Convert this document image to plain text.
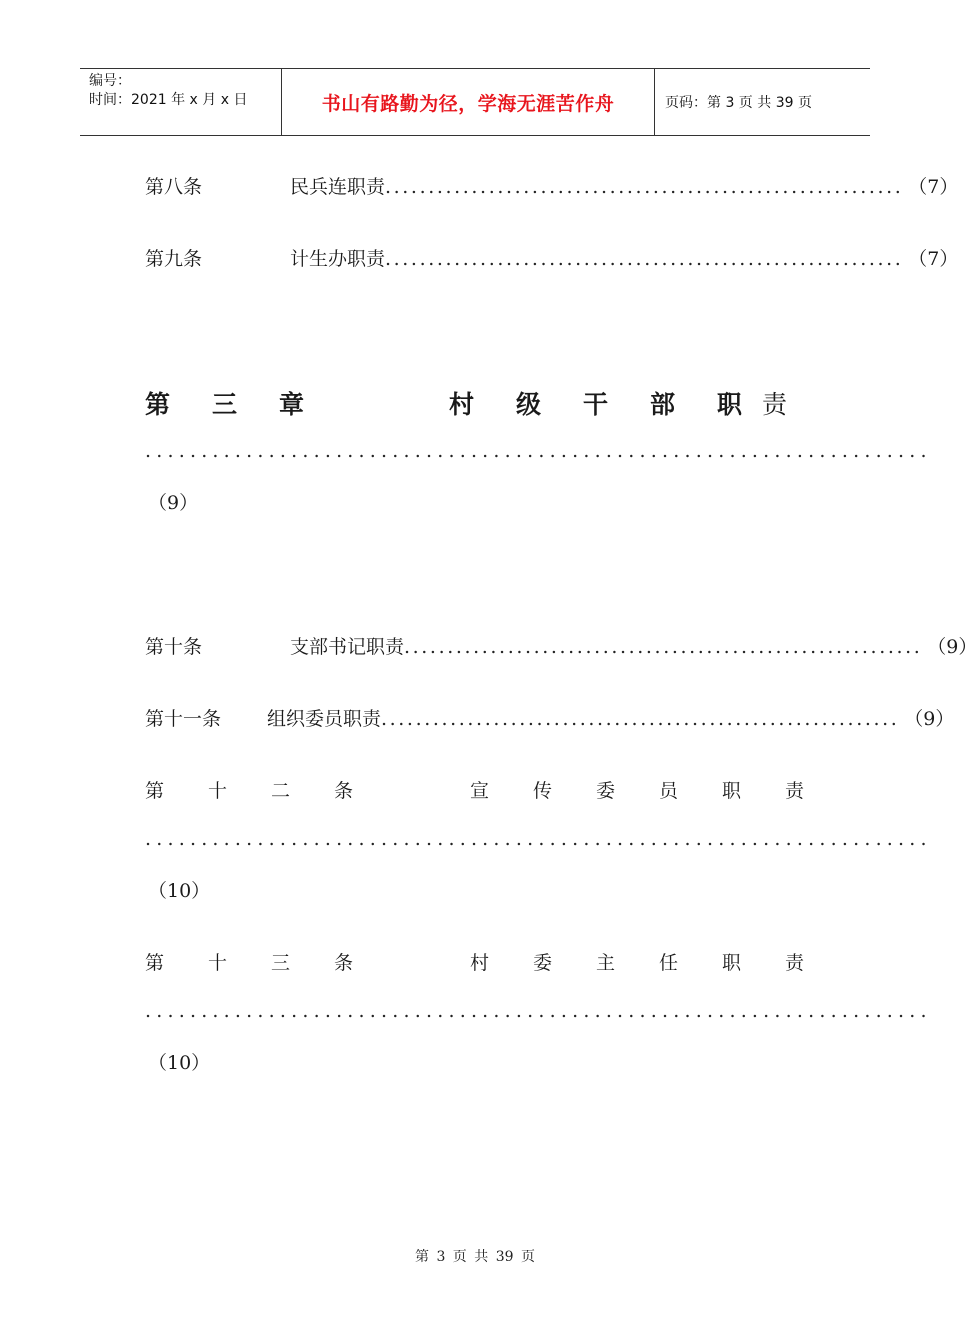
编号：
时间：2021 年 x 月 x 日	书山有路勤为径，学海无涯苦作舟	页码：第 3 页 共 39 页
第八条	民兵连职责 ............................................................ （7）
第九条	计生办职责 ............................................................ （7）
第	三	章	村	级	干	部	职 责
......................................................................
（9）
第十条	支部书记职责 ............................................................ （9）
第十一条	组织委员职责 ............................................................ （9）
第	十	二	条	宣	传	委	员	职	责
......................................................................
（10）
第	十	三	条	村	委	主	任	职	责
......................................................................
（10）
第 3 页 共 39 页
